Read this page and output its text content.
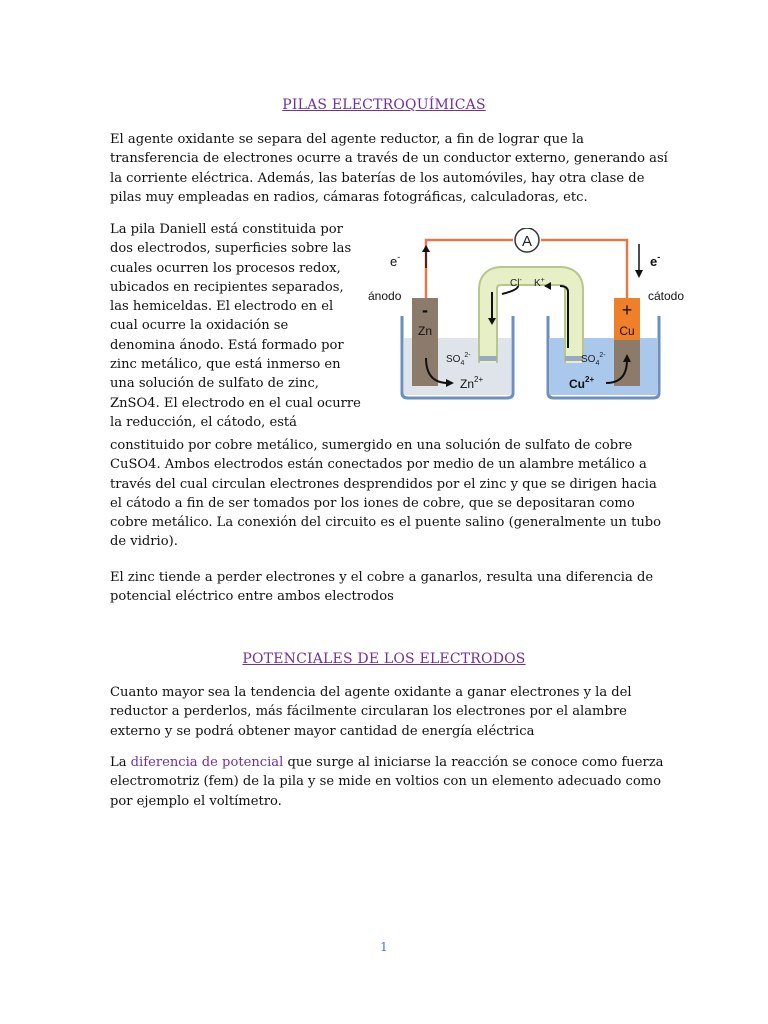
PILAS ELECTROQUÍMICAS

El agente oxidante se separa del agente reductor, a fin de lograr que la
transferencia de electrones ocurre a través de un conductor externo, generando así
la corriente eléctrica. Además, las baterías de los automóviles, hay otra clase de
pilas muy empleadas en radios, cámaras fotográficas, calculadoras, etc.

La pila Daniell está constituida por
dos electrodos, superficies sobre las
cuales ocurren los procesos redox,
ubicados en recipientes separados,
las hemiceldas. El electrodo en el
cual ocurre la oxidación se
denomina ánodo. Está formado por
zinc metálico, que está inmerso en
una solución de sulfato de zinc,
ZnSO4. El electrodo en el cual ocurre
la reducción, el cátodo, está

constituido por cobre metálico, sumergido en una solución de sulfato de cobre
CuSO4. Ambos electrodos están conectados por medio de un alambre metálico a
través del cual circulan electrones desprendidos por el zinc y que se dirigen hacia
el cátodo a fin de ser tomados por los iones de cobre, que se depositaran como
cobre metálico. La conexión del circuito es el puente salino (generalmente un tubo
de vidrio).

El zinc tiende a perder electrones y el cobre a ganarlos, resulta una diferencia de
potencial eléctrico entre ambos electrodos

POTENCIALES DE LOS ELECTRODOS

Cuanto mayor sea la tendencia del agente oxidante a ganar electrones y la del
reductor a perderlos, más fácilmente circularan los electrones por el alambre
externo y se podrá obtener mayor cantidad de energía eléctrica

La diferencia de potencial que surge al iniciarse la reacción se conoce como fuerza
electromotriz (fem) de la pila y se mide en voltios con un elemento adecuado como
por ejemplo el voltímetro.

A
-	+
Zn	Cu
e-	e-
ánodo	cátodo
Cl- K+
$SO_4^{2-}$	$SO_4^{2-}$
$Zn^{2+}$	$Cu^{2+}$
1
